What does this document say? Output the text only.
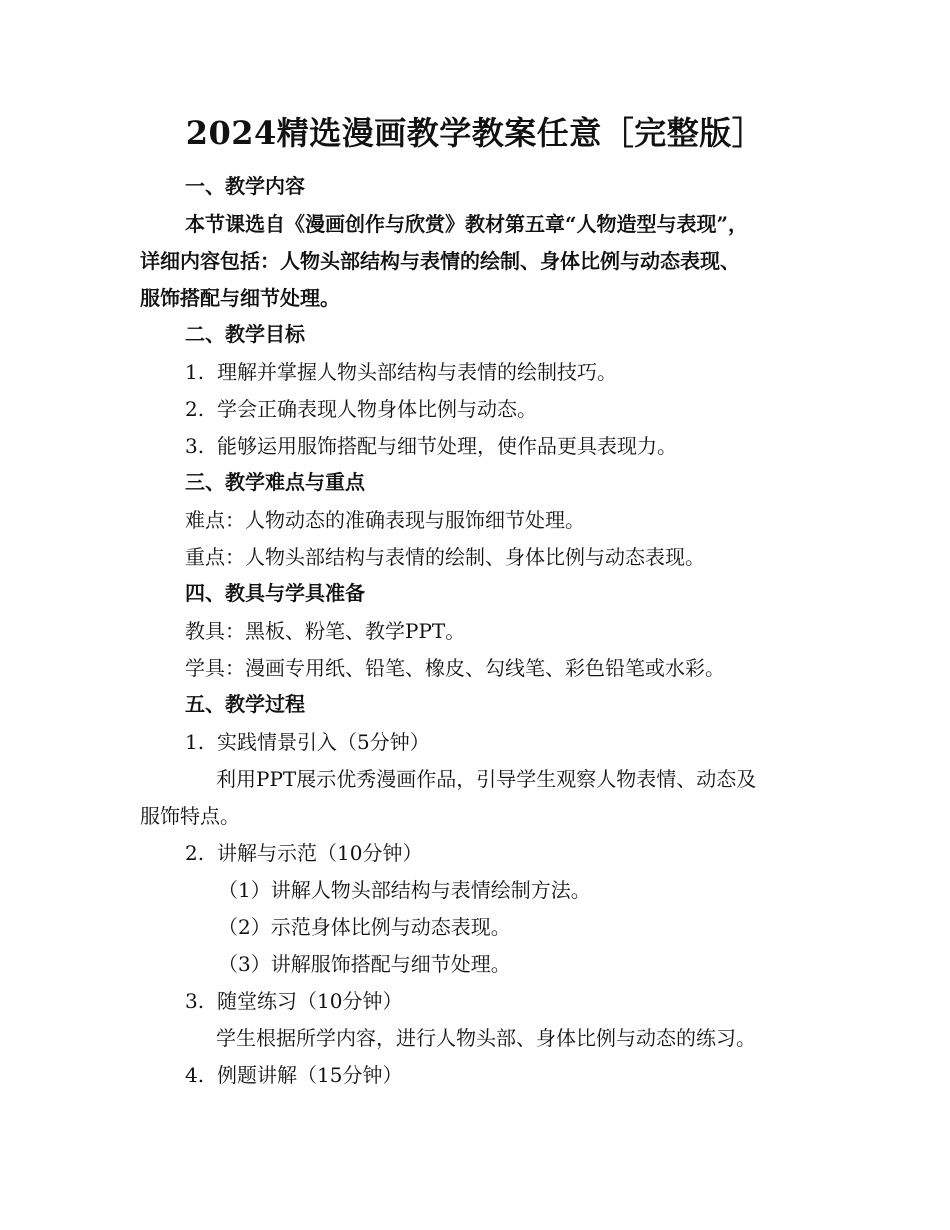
2024精选漫画教学教案任意［完整版］
一、教学内容
本节课选自《漫画创作与欣赏》教材第五章“人物造型与表现”，
详细内容包括：人物头部结构与表情的绘制、身体比例与动态表现、
服饰搭配与细节处理。
二、教学目标
1. 理解并掌握人物头部结构与表情的绘制技巧。
2. 学会正确表现人物身体比例与动态。
3. 能够运用服饰搭配与细节处理，使作品更具表现力。
三、教学难点与重点
难点：人物动态的准确表现与服饰细节处理。
重点：人物头部结构与表情的绘制、身体比例与动态表现。
四、教具与学具准备
教具：黑板、粉笔、教学PPT。
学具：漫画专用纸、铅笔、橡皮、勾线笔、彩色铅笔或水彩。
五、教学过程
1. 实践情景引入（5分钟）
利用PPT展示优秀漫画作品，引导学生观察人物表情、动态及
服饰特点。
2. 讲解与示范（10分钟）
（1）讲解人物头部结构与表情绘制方法。
（2）示范身体比例与动态表现。
（3）讲解服饰搭配与细节处理。
3. 随堂练习（10分钟）
学生根据所学内容，进行人物头部、身体比例与动态的练习。
4. 例题讲解（15分钟）
